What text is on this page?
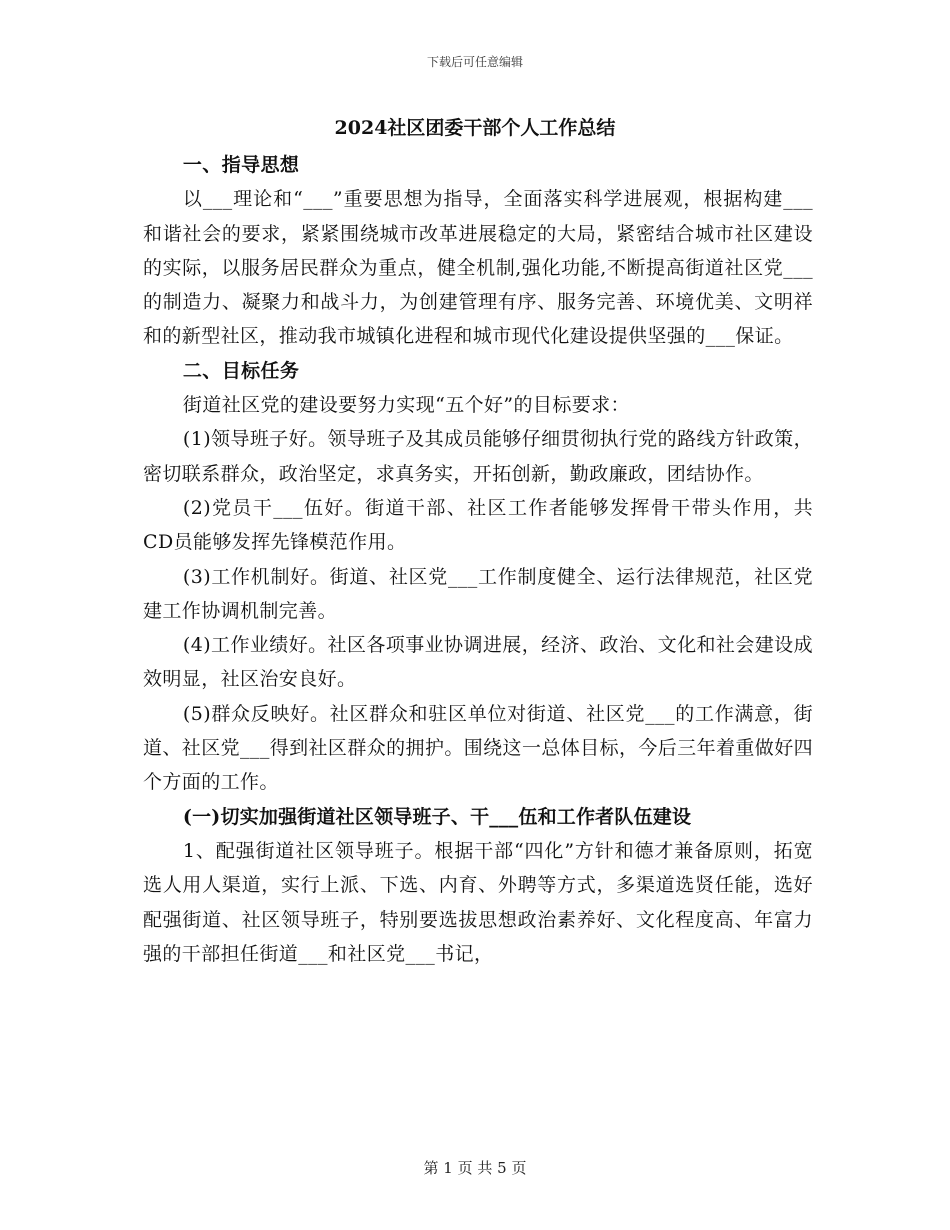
下载后可任意编辑
2024社区团委干部个人工作总结

一、指导思想

以___理论和“___”重要思想为指导，全面落实科学进展观，根据构建___和谐社会的要求，紧紧围绕城市改革进展稳定的大局，紧密结合城市社区建设的实际，以服务居民群众为重点，健全机制,强化功能,不断提高街道社区党___的制造力、凝聚力和战斗力，为创建管理有序、服务完善、环境优美、文明祥和的新型社区，推动我市城镇化进程和城市现代化建设提供坚强的___保证。

二、目标任务

街道社区党的建设要努力实现“五个好”的目标要求：

(1)领导班子好。领导班子及其成员能够仔细贯彻执行党的路线方针政策，密切联系群众，政治坚定，求真务实，开拓创新，勤政廉政，团结协作。

(2)党员干___伍好。街道干部、社区工作者能够发挥骨干带头作用，共CD员能够发挥先锋模范作用。

(3)工作机制好。街道、社区党___工作制度健全、运行法律规范，社区党建工作协调机制完善。

(4)工作业绩好。社区各项事业协调进展，经济、政治、文化和社会建设成效明显，社区治安良好。

(5)群众反映好。社区群众和驻区单位对街道、社区党___的工作满意，街道、社区党___得到社区群众的拥护。围绕这一总体目标，今后三年着重做好四个方面的工作。

(一)切实加强街道社区领导班子、干___伍和工作者队伍建设

1、配强街道社区领导班子。根据干部“四化”方针和德才兼备原则，拓宽选人用人渠道，实行上派、下选、内育、外聘等方式，多渠道选贤任能，选好配强街道、社区领导班子，特别要选拔思想政治素养好、文化程度高、年富力强的干部担任街道___和社区党___书记，

第 1 页 共 5 页
